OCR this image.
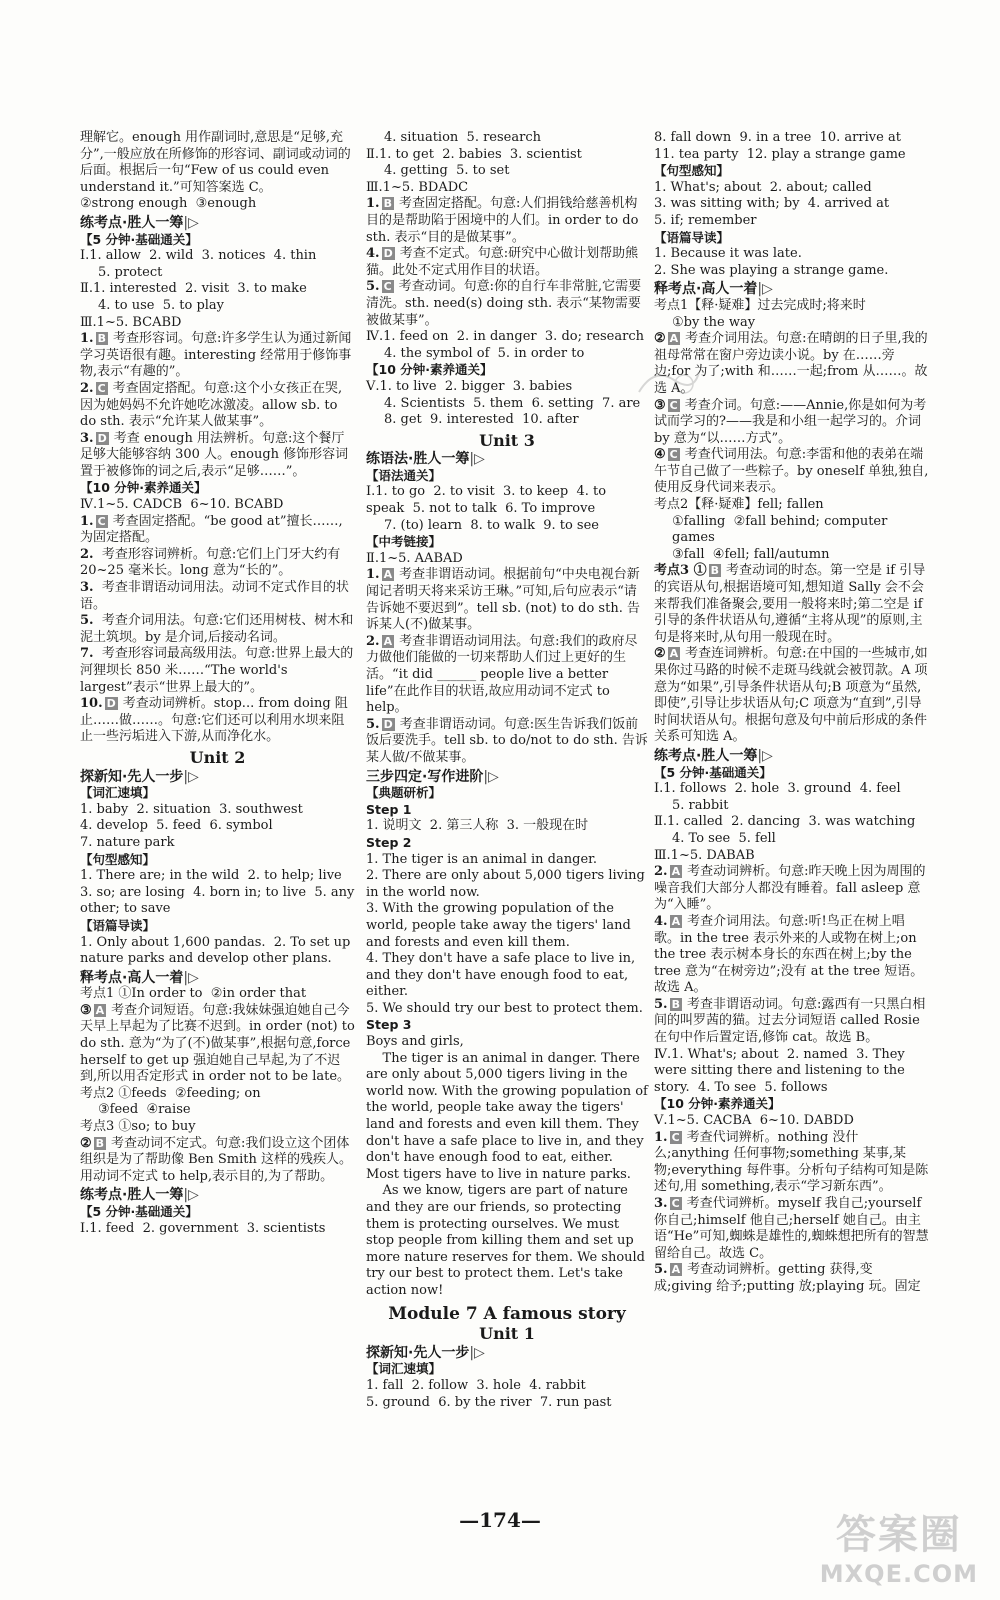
理解它。enough 用作副词时,意思是“足够,充分”,一般应放在所修饰的形容词、副词或动词的后面。根据后一句“Few of us could even understand it.”可知答案选 C。
②strong enough  ③enough
练考点·胜人一筹|▷
【5 分钟·基础通关】
Ⅰ.1. allow  2. wild  3. notices  4. thin
5. protect
Ⅱ.1. interested  2. visit  3. to make
4. to use  5. to play
Ⅲ.1~5. BCABD
1. B 考查形容词。句意:许多学生认为通过新闻学习英语很有趣。interesting 经常用于修饰事物,表示“有趣的”。
2. C 考查固定搭配。句意:这个小女孩正在哭,因为她妈妈不允许她吃冰激凌。allow sb. to do sth. 表示“允许某人做某事”。
3. D 考查 enough 用法辨析。句意:这个餐厅足够大能够容纳 300 人。enough 修饰形容词置于被修饰的词之后,表示“足够……”。
【10 分钟·素养通关】
Ⅳ.1~5. CADCB  6~10. BCABD
1. C 考查固定搭配。“be good at”擅长……,为固定搭配。
2. 考查形容词辨析。句意:它们上门牙大约有 20~25 毫米长。long 意为“长的”。
3. 考查非谓语动词用法。动词不定式作目的状语。
5. 考查介词用法。句意:它们还用树枝、树木和泥土筑坝。by 是介词,后接动名词。
7. 考查形容词最高级用法。句意:世界上最大的河狸坝长 850 米……“The world's largest”表示“世界上最大的”。
10. D 考查动词辨析。stop... from doing 阻止……做……。句意:它们还可以利用水坝来阻止一些污垢进入下游,从而净化水。
Unit 2
探新知·先人一步|▷
【词汇速填】
1. baby  2. situation  3. southwest
4. develop  5. feed  6. symbol
7. nature park
【句型感知】
1. There are; in the wild  2. to help; live
3. so; are losing  4. born in; to live  5. any other; to save
【语篇导读】
1. Only about 1,600 pandas.  2. To set up nature parks and develop other plans.
释考点·高人一着|▷
考点1 ①In order to  ②in order that
③ A 考查介词短语。句意:我妹妹强迫她自己今天早上早起为了比赛不迟到。in order (not) to do sth. 意为“为了(不)做某事”,根据句意,force herself to get up 强迫她自己早起,为了不迟到,所以用否定形式 in order not to be late。
考点2 ①feeds  ②feeding; on
③feed  ④raise
考点3 ①so; to buy
② B 考查动词不定式。句意:我们设立这个团体组织是为了帮助像 Ben Smith 这样的残疾人。用动词不定式 to help,表示目的,为了帮助。
练考点·胜人一筹|▷
【5 分钟·基础通关】
Ⅰ.1. feed  2. government  3. scientists
4. situation  5. research
Ⅱ.1. to get  2. babies  3. scientist
4. getting  5. to set
Ⅲ.1~5. BDADC
1. B 考查固定搭配。句意:人们捐钱给慈善机构目的是帮助陷于困境中的人们。in order to do sth. 表示“目的是做某事”。
4. D 考查不定式。句意:研究中心做计划帮助熊猫。此处不定式用作目的状语。
5. C 考查动词。句意:你的自行车非常脏,它需要清洗。sth. need(s) doing sth. 表示“某物需要被做某事”。
Ⅳ.1. feed on  2. in danger  3. do; research
4. the symbol of  5. in order to
【10 分钟·素养通关】
Ⅴ.1. to live  2. bigger  3. babies
4. Scientists  5. them  6. setting  7. are
8. get  9. interested  10. after
Unit 3
练语法·胜人一筹|▷
【语法通关】
Ⅰ.1. to go  2. to visit  3. to keep  4. to speak  5. not to talk  6. To improve
7. (to) learn  8. to walk  9. to see
【中考链接】
Ⅱ.1~5. AABAD
1. A 考查非谓语动词。根据前句“中央电视台新闻记者明天将来采访王琳。”可知,后句应表示“请告诉她不要迟到”。tell sb. (not) to do sth. 告诉某人(不)做某事。
2. A 考查非谓语动词用法。句意:我们的政府尽力做他们能做的一切来帮助人们过上更好的生活。“it did ______ people live a better life”在此作目的状语,故应用动词不定式 to help。
5. D 考查非谓语动词。句意:医生告诉我们饭前饭后要洗手。tell sb. to do/not to do sth. 告诉某人做/不做某事。
三步四定·写作进阶|▷
【典题研析】
Step 1
1. 说明文  2. 第三人称  3. 一般现在时
Step 2
1. The tiger is an animal in danger.
2. There are only about 5,000 tigers living in the world now.
3. With the growing population of the world, people take away the tigers' land and forests and even kill them.
4. They don't have a safe place to live in, and they don't have enough food to eat, either.
5. We should try our best to protect them.
Step 3
Boys and girls,
The tiger is an animal in danger. There are only about 5,000 tigers living in the world now. With the growing population of the world, people take away the tigers' land and forests and even kill them. They don't have a safe place to live in, and they don't have enough food to eat, either. Most tigers have to live in nature parks.
As we know, tigers are part of nature and they are our friends, so protecting them is protecting ourselves. We must stop people from killing them and set up more nature reserves for them. We should try our best to protect them. Let's take action now!
Module 7 A famous story
Unit 1
探新知·先人一步|▷
【词汇速填】
1. fall  2. follow  3. hole  4. rabbit
5. ground  6. by the river  7. run past
8. fall down  9. in a tree  10. arrive at
11. tea party  12. play a strange game
【句型感知】
1. What's; about  2. about; called
3. was sitting with; by  4. arrived at
5. if; remember
【语篇导读】
1. Because it was late.
2. She was playing a strange game.
释考点·高人一着|▷
考点1【释·疑难】过去完成时;将来时
①by the way
② A 考查介词用法。句意:在晴朗的日子里,我的祖母常常在窗户旁边读小说。by 在……旁边;for 为了;with 和……一起;from 从……。故选 A。
③ C 考查介词。句意:——Annie,你是如何为考试而学习的?——我是和小组一起学习的。介词 by 意为“以……方式”。
④ C 考查代词用法。句意:李雷和他的表弟在端午节自己做了一些粽子。by oneself 单独,独自,使用反身代词来表示。
考点2【释·疑难】fell; fallen
①falling  ②fall behind; computer games
③fall  ④fell; fall/autumn
考点3 ① B 考查动词的时态。第一空是 if 引导的宾语从句,根据语境可知,想知道 Sally 会不会来帮我们准备聚会,要用一般将来时;第二空是 if 引导的条件状语从句,遵循“主将从现”的原则,主句是将来时,从句用一般现在时。
② A 考查连词辨析。句意:在中国的一些城市,如果你过马路的时候不走斑马线就会被罚款。A 项意为“如果”,引导条件状语从句;B 项意为“虽然,即使”,引导让步状语从句;C 项意为“直到”,引导时间状语从句。根据句意及句中前后形成的条件关系可知选 A。
练考点·胜人一筹|▷
【5 分钟·基础通关】
Ⅰ.1. follows  2. hole  3. ground  4. feel
5. rabbit
Ⅱ.1. called  2. dancing  3. was watching
4. To see  5. fell
Ⅲ.1~5. DABAB
2. A 考查动词辨析。句意:昨天晚上因为周围的噪音我们大部分人都没有睡着。fall asleep 意为“入睡”。
4. A 考查介词用法。句意:听!鸟正在树上唱歌。in the tree 表示外来的人或物在树上;on the tree 表示树本身长的东西在树上;by the tree 意为“在树旁边”;没有 at the tree 短语。故选 A。
5. B 考查非谓语动词。句意:露西有一只黑白相间的叫罗茜的猫。过去分词短语 called Rosie 在句中作后置定语,修饰 cat。故选 B。
Ⅳ.1. What's; about  2. named  3. They were sitting there and listening to the story.  4. To see  5. follows
【10 分钟·素养通关】
Ⅴ.1~5. CACBA  6~10. DABDD
1. C 考查代词辨析。nothing 没什么;anything 任何事物;something 某事,某物;everything 每件事。分析句子结构可知是陈述句,用 something,表示“学习新东西”。
3. C 考查代词辨析。myself 我自己;yourself 你自己;himself 他自己;herself 她自己。由主语“He”可知,蜘蛛是雄性的,蜘蛛想把所有的智慧留给自己。故选 C。
5. A 考查动词辨析。getting 获得,变成;giving 给予;putting 放;playing 玩。固定
—174—	答案圈
MXQE.COM
